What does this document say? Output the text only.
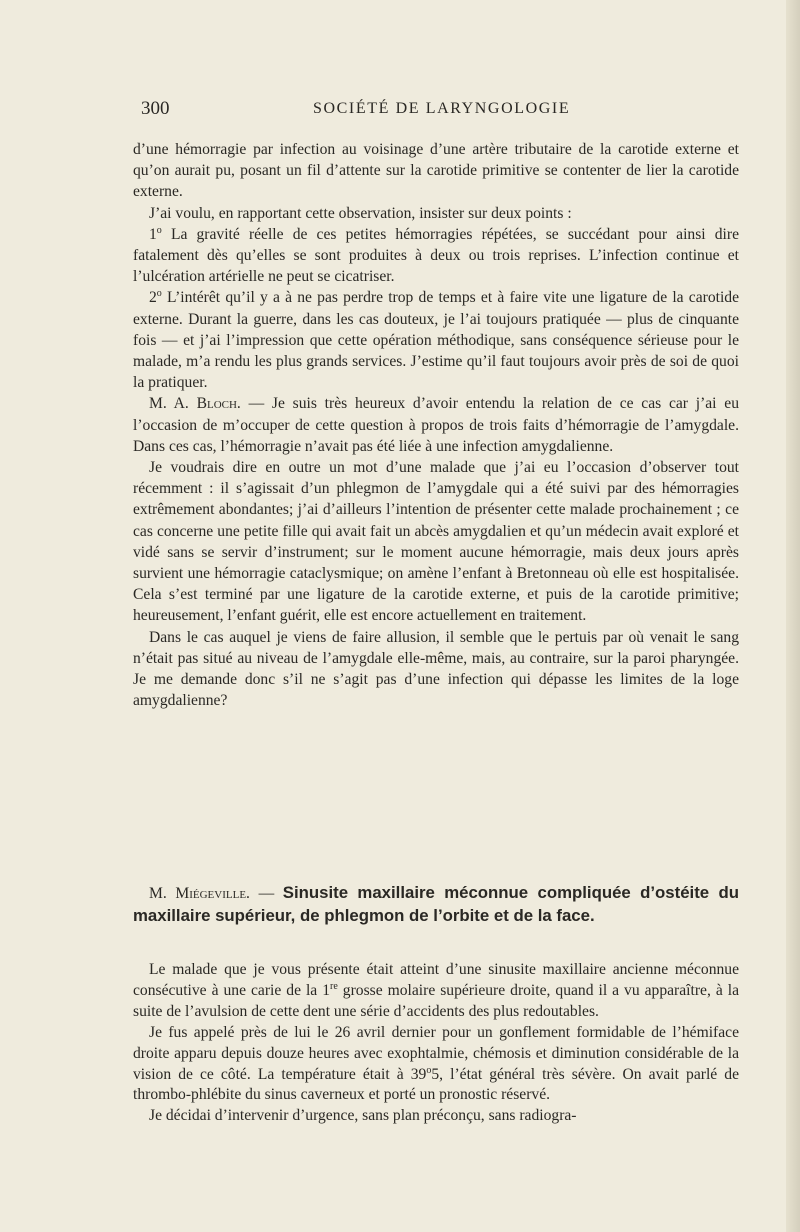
300	SOCIÉTÉ DE LARYNGOLOGIE

d’une hémorragie par infection au voisinage d’une artère tributaire de la carotide externe et qu’on aurait pu, posant un fil d’attente sur la carotide primitive se contenter de lier la carotide externe.

J’ai voulu, en rapportant cette observation, insister sur deux points :

1$^o$ La gravité réelle de ces petites hémorragies répétées, se succédant pour ainsi dire fatalement dès qu’elles se sont produites à deux ou trois reprises. L’infection continue et l’ulcération artérielle ne peut se cicatriser.

2$^o$ L’intérêt qu’il y a à ne pas perdre trop de temps et à faire vite une ligature de la carotide externe. Durant la guerre, dans les cas douteux, je l’ai toujours pratiquée — plus de cinquante fois — et j’ai l’impression que cette opération méthodique, sans conséquence sérieuse pour le malade, m’a rendu les plus grands services. J’estime qu’il faut toujours avoir près de soi de quoi la pratiquer.

M. A. Bloch. — Je suis très heureux d’avoir entendu la relation de ce cas car j’ai eu l’occasion de m’occuper de cette question à propos de trois faits d’hémorragie de l’amygdale. Dans ces cas, l’hémorragie n’avait pas été liée à une infection amygdalienne.

Je voudrais dire en outre un mot d’une malade que j’ai eu l’occasion d’observer tout récemment : il s’agissait d’un phlegmon de l’amygdale qui a été suivi par des hémorragies extrêmement abondantes; j’ai d’ailleurs l’intention de présenter cette malade prochainement ; ce cas concerne une petite fille qui avait fait un abcès amygdalien et qu’un médecin avait exploré et vidé sans se servir d’instrument; sur le moment aucune hémorragie, mais deux jours après survient une hémorragie cataclysmique; on amène l’enfant à Bretonneau où elle est hospitalisée. Cela s’est terminé par une ligature de la carotide externe, et puis de la carotide primitive; heureusement, l’enfant guérit, elle est encore actuellement en traitement.

Dans le cas auquel je viens de faire allusion, il semble que le pertuis par où venait le sang n’était pas situé au niveau de l’amygdale elle-même, mais, au contraire, sur la paroi pharyngée. Je me demande donc s’il ne s’agit pas d’une infection qui dépasse les limites de la loge amygdalienne?

M. Miégeville. — Sinusite maxillaire méconnue compliquée d’ostéite du maxillaire supérieur, de phlegmon de l’orbite et de la face.

Le malade que je vous présente était atteint d’une sinusite maxillaire ancienne méconnue consécutive à une carie de la 1re grosse molaire supérieure droite, quand il a vu apparaître, à la suite de l’avulsion de cette dent une série d’accidents des plus redoutables.

Je fus appelé près de lui le 26 avril dernier pour un gonflement formidable de l’hémiface droite apparu depuis douze heures avec exophtalmie, chémosis et diminution considérable de la vision de ce côté. La température était à 39$^o$5, l’état général très sévère. On avait parlé de thrombo-phlébite du sinus caverneux et porté un pronostic réservé.

Je décidai d’intervenir d’urgence, sans plan préconçu, sans radiogra-
